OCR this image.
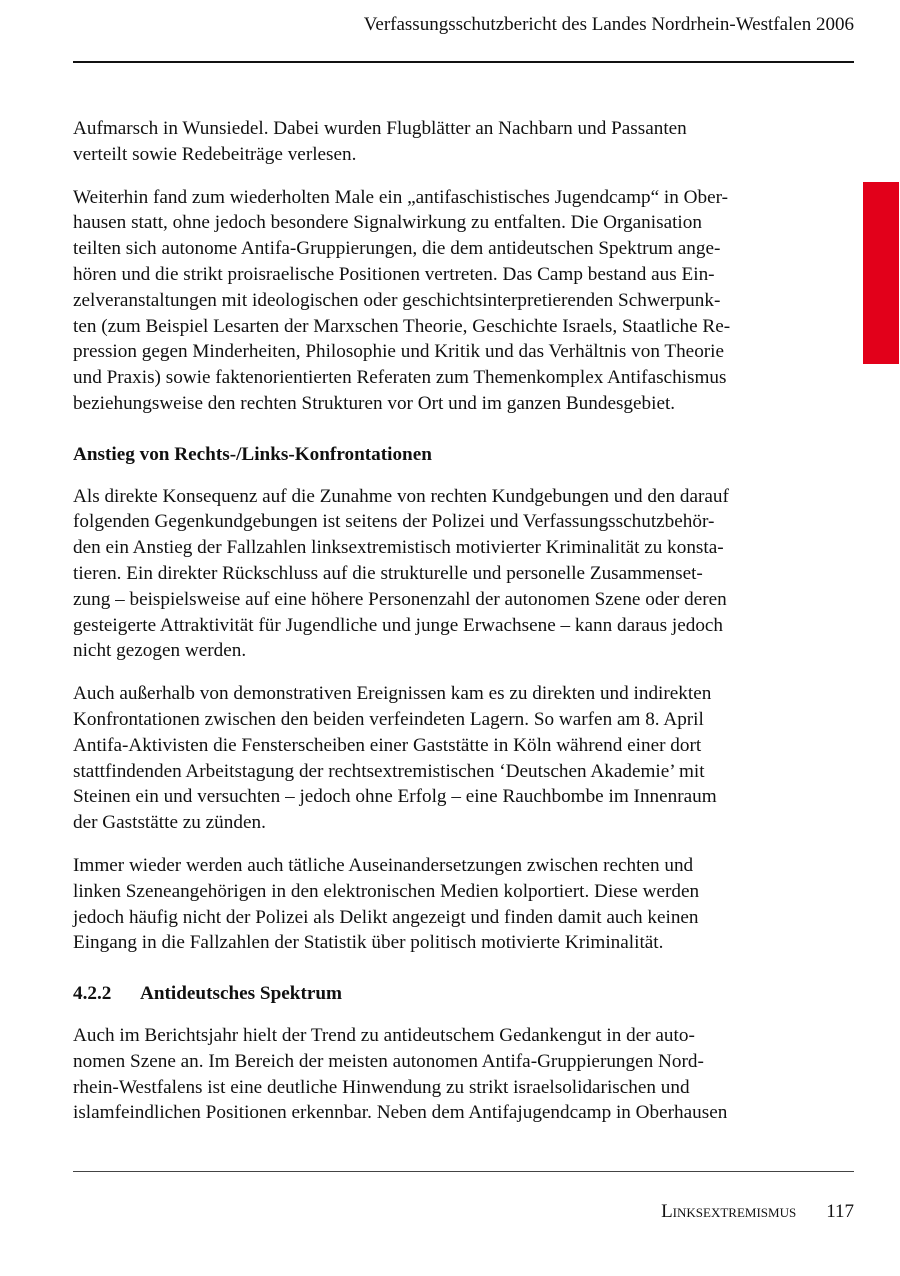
Verfassungsschutzbericht des Landes Nordrhein-Westfalen 2006

Aufmarsch in Wunsiedel. Dabei wurden Flugblätter an Nachbarn und Passanten
verteilt sowie Redebeiträge verlesen.

Weiterhin fand zum wiederholten Male ein „antifaschistisches Jugendcamp“ in Ober-
hausen statt, ohne jedoch besondere Signalwirkung zu entfalten. Die Organisation
teilten sich autonome Antifa-Gruppierungen, die dem antideutschen Spektrum ange-
hören und die strikt proisraelische Positionen vertreten. Das Camp bestand aus Ein-
zelveranstaltungen mit ideologischen oder geschichtsinterpretierenden Schwerpunk-
ten (zum Beispiel Lesarten der Marxschen Theorie, Geschichte Israels, Staatliche Re-
pression gegen Minderheiten, Philosophie und Kritik und das Verhältnis von Theorie
und Praxis) sowie faktenorientierten Referaten zum Themenkomplex Antifaschismus
beziehungsweise den rechten Strukturen vor Ort und im ganzen Bundesgebiet.

Anstieg von Rechts-/Links-Konfrontationen

Als direkte Konsequenz auf die Zunahme von rechten Kundgebungen und den darauf
folgenden Gegenkundgebungen ist seitens der Polizei und Verfassungsschutzbehör-
den ein Anstieg der Fallzahlen linksextremistisch motivierter Kriminalität zu konsta-
tieren. Ein direkter Rückschluss auf die strukturelle und personelle Zusammenset-
zung – beispielsweise auf eine höhere Personenzahl der autonomen Szene oder deren
gesteigerte Attraktivität für Jugendliche und junge Erwachsene – kann daraus jedoch
nicht gezogen werden.

Auch außerhalb von demonstrativen Ereignissen kam es zu direkten und indirekten
Konfrontationen zwischen den beiden verfeindeten Lagern. So warfen am 8. April
Antifa-Aktivisten die Fensterscheiben einer Gaststätte in Köln während einer dort
stattfindenden Arbeitstagung der rechtsextremistischen ‘Deutschen Akademie’ mit
Steinen ein und versuchten – jedoch ohne Erfolg – eine Rauchbombe im Innenraum
der Gaststätte zu zünden.

Immer wieder werden auch tätliche Auseinandersetzungen zwischen rechten und
linken Szeneangehörigen in den elektronischen Medien kolportiert. Diese werden
jedoch häufig nicht der Polizei als Delikt angezeigt und finden damit auch keinen
Eingang in die Fallzahlen der Statistik über politisch motivierte Kriminalität.

4.2.2 Antideutsches Spektrum

Auch im Berichtsjahr hielt der Trend zu antideutschem Gedankengut in der auto-
nomen Szene an. Im Bereich der meisten autonomen Antifa-Gruppierungen Nord-
rhein-Westfalens ist eine deutliche Hinwendung zu strikt israelsolidarischen und
islamfeindlichen Positionen erkennbar. Neben dem Antifajugendcamp in Oberhausen

Linksextremismus 117
